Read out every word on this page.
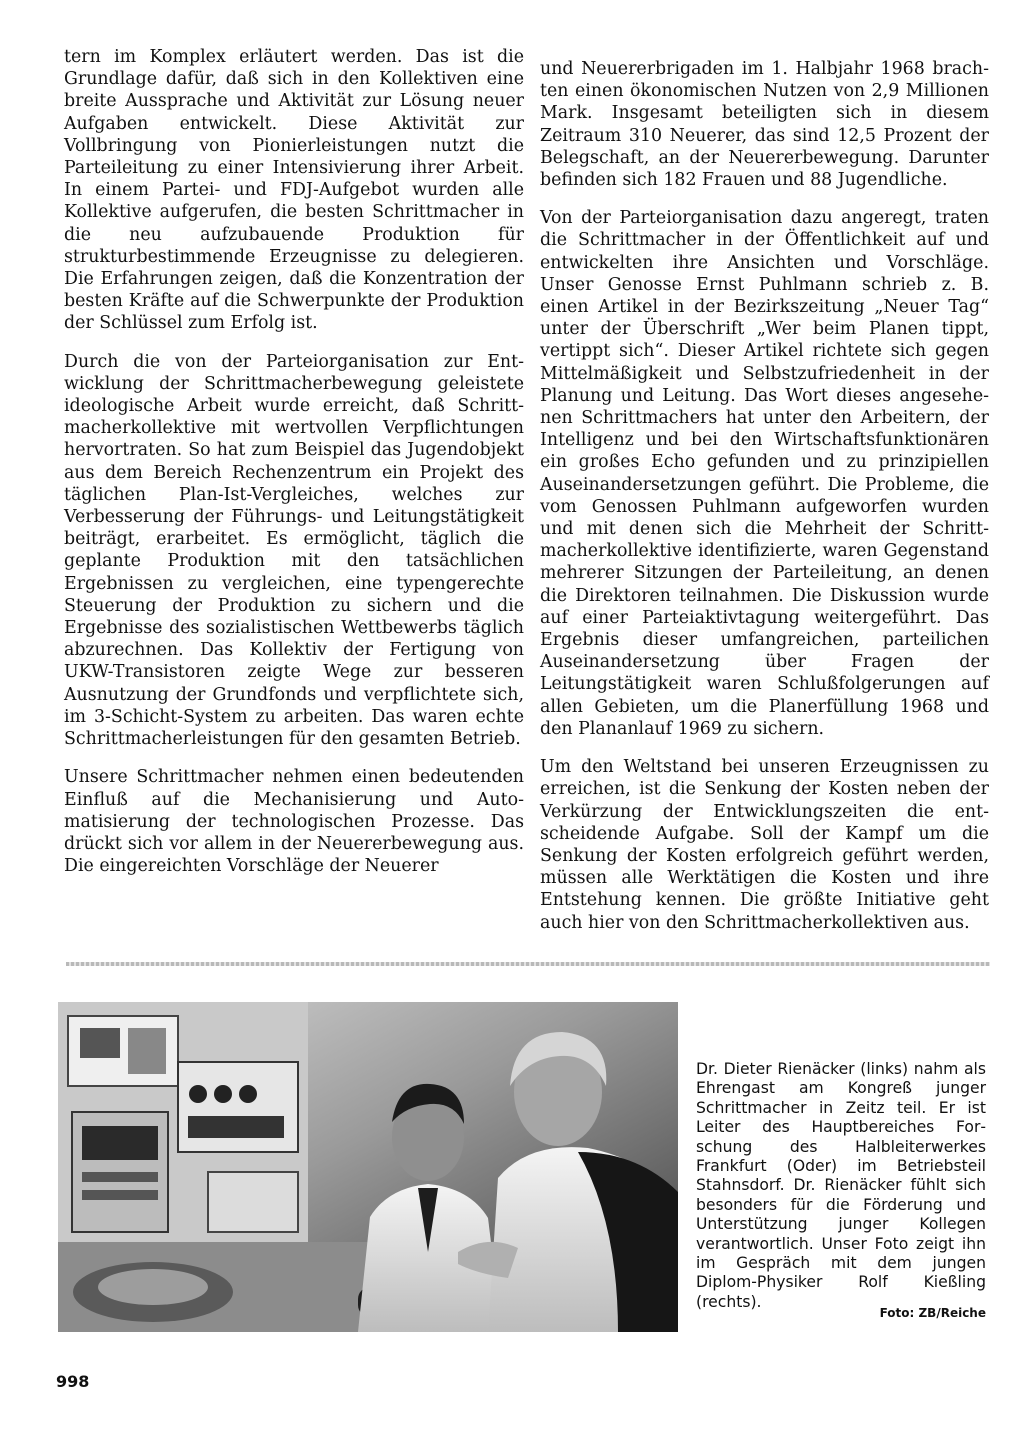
tern im Komplex erläutert werden. Das ist die Grundlage dafür, daß sich in den Kollektiven eine breite Aussprache und Aktivität zur Lösung neuer Aufgaben entwickelt. Diese Aktivität zur Vollbringung von Pionierleistungen nutzt die Parteileitung zu einer Intensivierung ihrer Arbeit. In einem Partei- und FDJ-Aufgebot wurden alle Kollektive aufgerufen, die besten Schrittmacher in die neu aufzubauende Produktion für strukturbestimmende Erzeugnisse zu delegieren. Die Erfahrungen zeigen, daß die Konzentration der besten Kräfte auf die Schwerpunkte der Produktion der Schlüssel zum Erfolg ist.

Durch die von der Parteiorganisation zur Entwicklung der Schrittmacherbewegung geleistete ideologische Arbeit wurde erreicht, daß Schrittmacherkollektive mit wertvollen Verpflichtungen hervortraten. So hat zum Beispiel das Jugendobjekt aus dem Bereich Rechenzentrum ein Projekt des täglichen Plan-Ist-Vergleiches, welches zur Verbesserung der Führungs- und Leitungstätigkeit beiträgt, erarbeitet. Es ermöglicht, täglich die geplante Produktion mit den tatsächlichen Ergebnissen zu vergleichen, eine typengerechte Steuerung der Produktion zu sichern und die Ergebnisse des sozialistischen Wettbewerbs täglich abzurechnen. Das Kollektiv der Fertigung von UKW-Transistoren zeigte Wege zur besseren Ausnutzung der Grundfonds und verpflichtete sich, im 3-Schicht-System zu arbeiten. Das waren echte Schrittmacherleistungen für den gesamten Betrieb.

Unsere Schrittmacher nehmen einen bedeutenden Einfluß auf die Mechanisierung und Automatisierung der technologischen Prozesse. Das drückt sich vor allem in der Neuererbewegung aus. Die eingereichten Vorschläge der Neuerer

und Neuererbrigaden im 1. Halbjahr 1968 brachten einen ökonomischen Nutzen von 2,9 Millionen Mark. Insgesamt beteiligten sich in diesem Zeitraum 310 Neuerer, das sind 12,5 Prozent der Belegschaft, an der Neuererbewegung. Darunter befinden sich 182 Frauen und 88 Jugendliche.

Von der Parteiorganisation dazu angeregt, traten die Schrittmacher in der Öffentlichkeit auf und entwickelten ihre Ansichten und Vorschläge. Unser Genosse Ernst Puhlmann schrieb z. B. einen Artikel in der Bezirkszeitung „Neuer Tag“ unter der Überschrift „Wer beim Planen tippt, vertippt sich“. Dieser Artikel richtete sich gegen Mittelmäßigkeit und Selbstzufriedenheit in der Planung und Leitung. Das Wort dieses angesehenen Schrittmachers hat unter den Arbeitern, der Intelligenz und bei den Wirtschaftsfunktionären ein großes Echo gefunden und zu prinzipiellen Auseinandersetzungen geführt. Die Probleme, die vom Genossen Puhlmann aufgeworfen wurden und mit denen sich die Mehrheit der Schrittmacherkollektive identifizierte, waren Gegenstand mehrerer Sitzungen der Parteileitung, an denen die Direktoren teilnahmen. Die Diskussion wurde auf einer Parteiaktivtagung weitergeführt. Das Ergebnis dieser umfangreichen, parteilichen Auseinandersetzung über Fragen der Leitungstätigkeit waren Schlußfolgerungen auf allen Gebieten, um die Planerfüllung 1968 und den Plananlauf 1969 zu sichern.

Um den Weltstand bei unseren Erzeugnissen zu erreichen, ist die Senkung der Kosten neben der Verkürzung der Entwicklungszeiten die entscheidende Aufgabe. Soll der Kampf um die Senkung der Kosten erfolgreich geführt werden, müssen alle Werktätigen die Kosten und ihre Entstehung kennen. Die größte Initiative geht auch hier von den Schrittmacherkollektiven aus.

Dr. Dieter Rienäcker (links) nahm als Ehrengast am Kongreß junger Schrittmacher in Zeitz teil. Er ist Leiter des Hauptbereiches Forschung des Halbleiterwerkes Frankfurt (Oder) im Betriebsteil Stahnsdorf. Dr. Rienäcker fühlt sich besonders für die Förderung und Unterstützung junger Kollegen verantwortlich. Unser Foto zeigt ihn im Gespräch mit dem jungen Diplom-Physiker Rolf Kießling (rechts).

Foto: ZB/Reiche
998
